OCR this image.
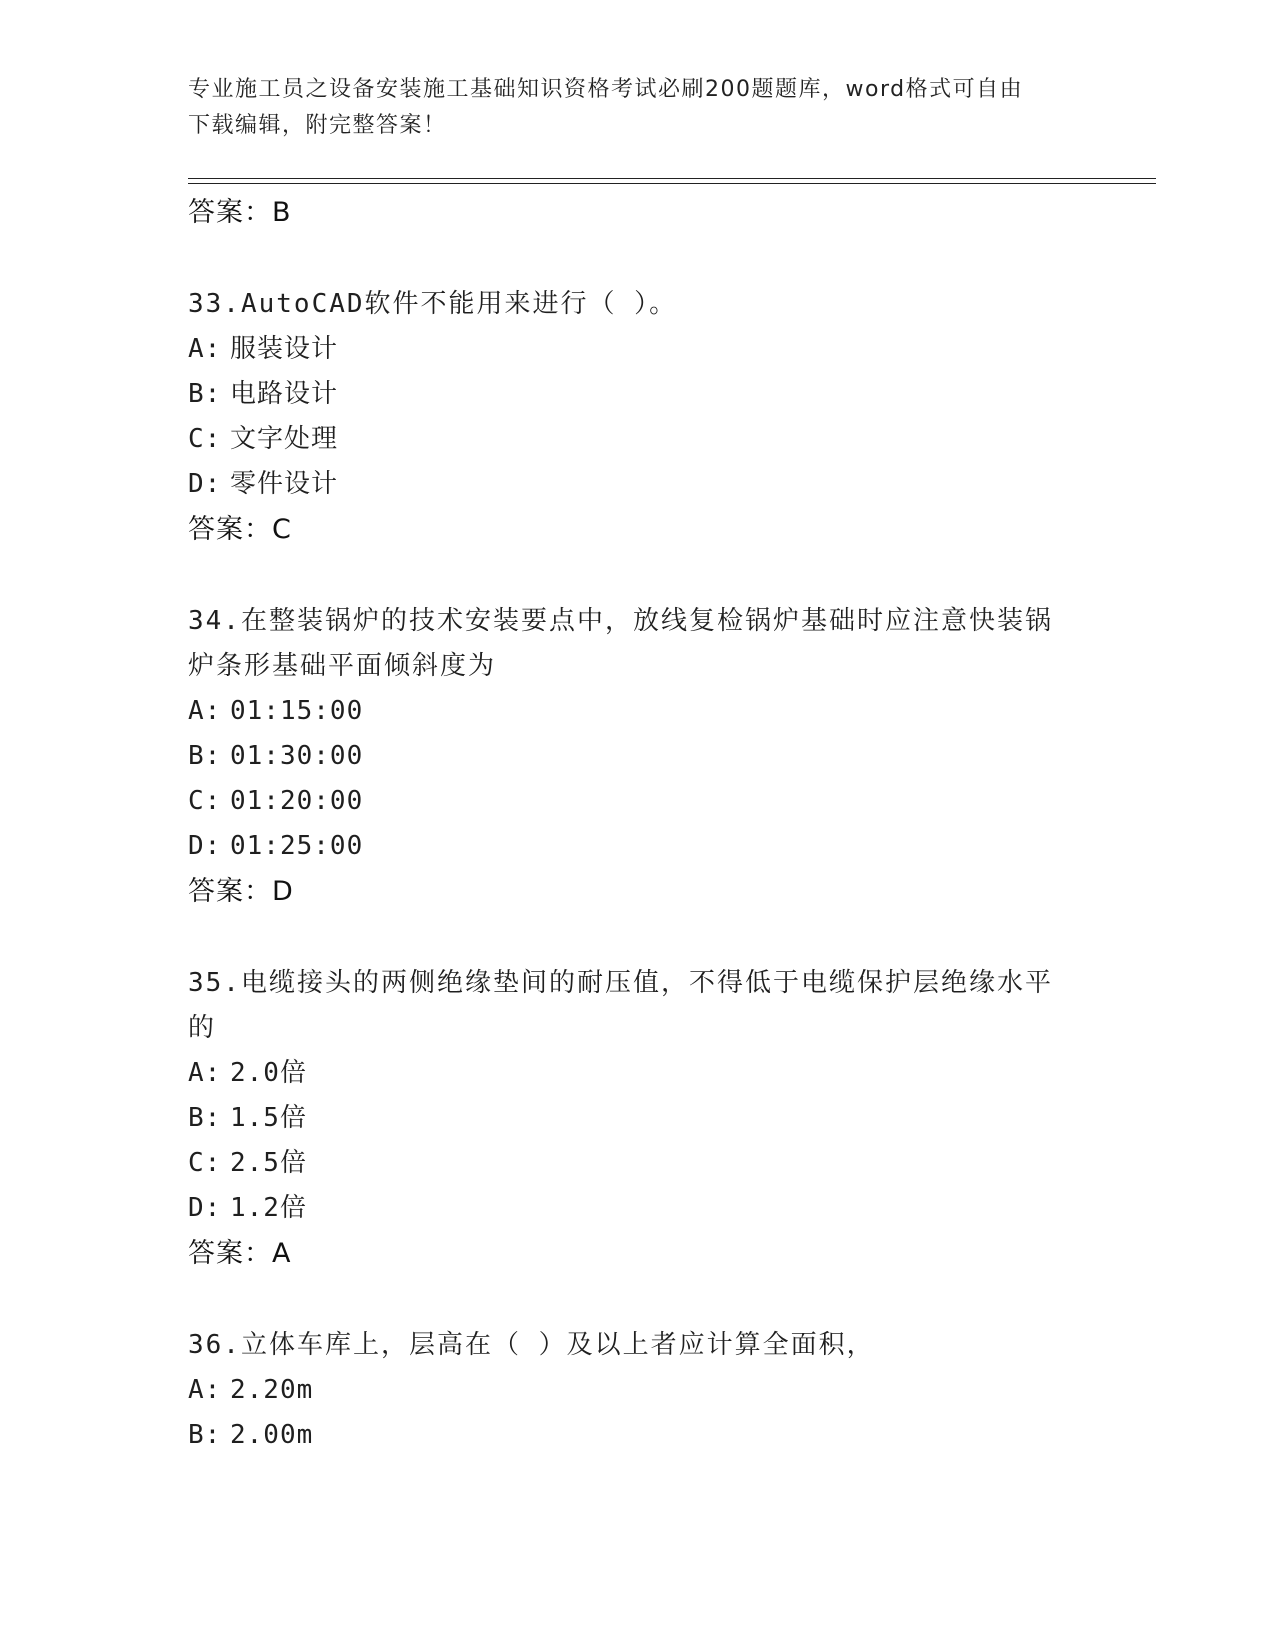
专业施工员之设备安装施工基础知识资格考试必刷200题题库，word格式可自由
下载编辑，附完整答案！
答案：B
33.AutoCAD软件不能用来进行（ ）。
A: 服装设计
B: 电路设计
C: 文字处理
D: 零件设计
答案：C
34.在整装锅炉的技术安装要点中，放线复检锅炉基础时应注意快装锅炉条形基础平面倾斜度为
A: 01:15:00
B: 01:30:00
C: 01:20:00
D: 01:25:00
答案：D
35.电缆接头的两侧绝缘垫间的耐压值，不得低于电缆保护层绝缘水平的
A: 2.0倍
B: 1.5倍
C: 2.5倍
D: 1.2倍
答案：A
36.立体车库上，层高在（ ）及以上者应计算全面积，
A: 2.20m
B: 2.00m
